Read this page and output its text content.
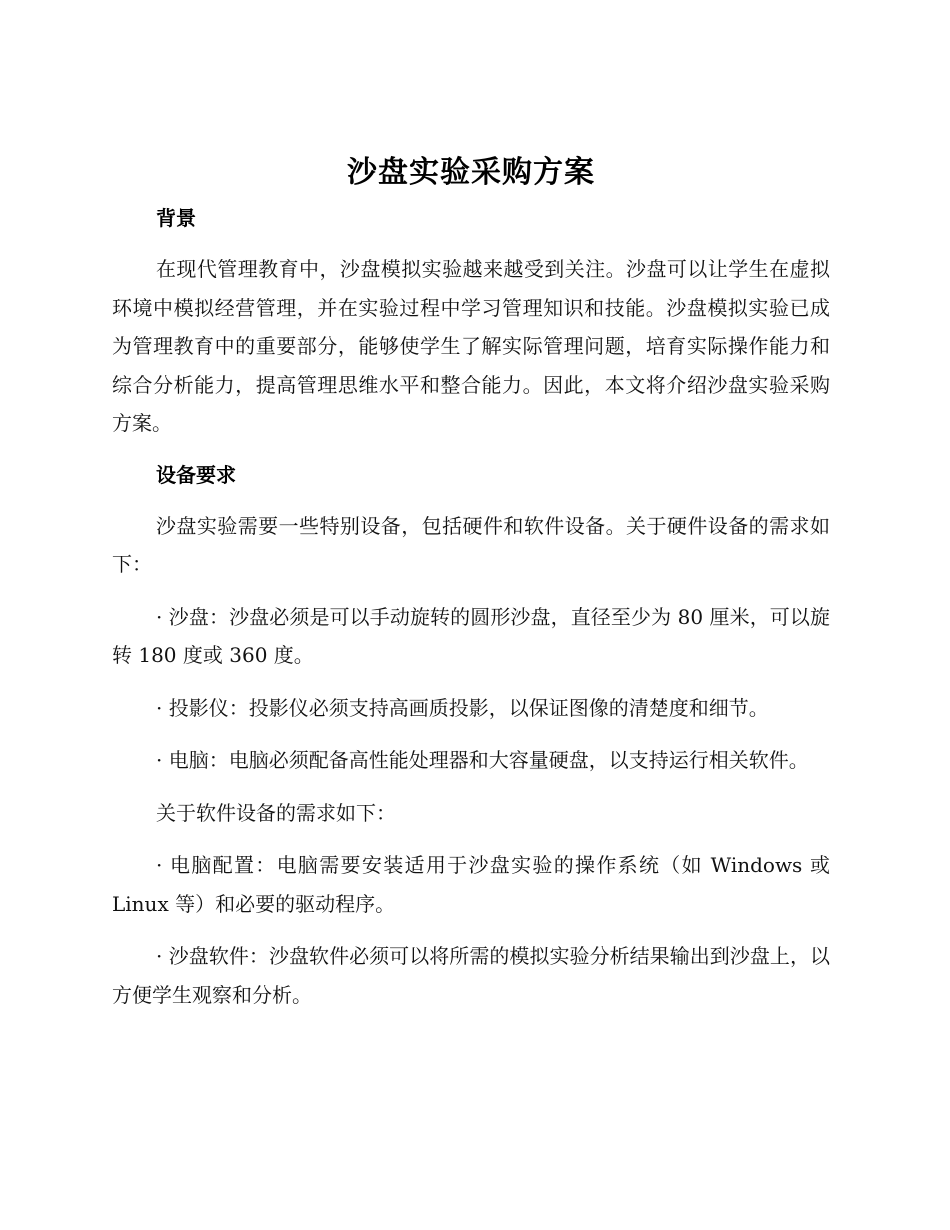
沙盘实验采购方案
背景

在现代管理教育中，沙盘模拟实验越来越受到关注。沙盘可以让学生在虚拟环境中模拟经营管理，并在实验过程中学习管理知识和技能。沙盘模拟实验已成为管理教育中的重要部分，能够使学生了解实际管理问题，培育实际操作能力和综合分析能力，提高管理思维水平和整合能力。因此，本文将介绍沙盘实验采购方案。

设备要求

沙盘实验需要一些特别设备，包括硬件和软件设备。关于硬件设备的需求如下：

· 沙盘：沙盘必须是可以手动旋转的圆形沙盘，直径至少为 80 厘米，可以旋转 180 度或 360 度。

· 投影仪：投影仪必须支持高画质投影，以保证图像的清楚度和细节。

· 电脑：电脑必须配备高性能处理器和大容量硬盘，以支持运行相关软件。

关于软件设备的需求如下：

· 电脑配置：电脑需要安装适用于沙盘实验的操作系统（如 Windows 或 Linux 等）和必要的驱动程序。

· 沙盘软件：沙盘软件必须可以将所需的模拟实验分析结果输出到沙盘上，以方便学生观察和分析。
